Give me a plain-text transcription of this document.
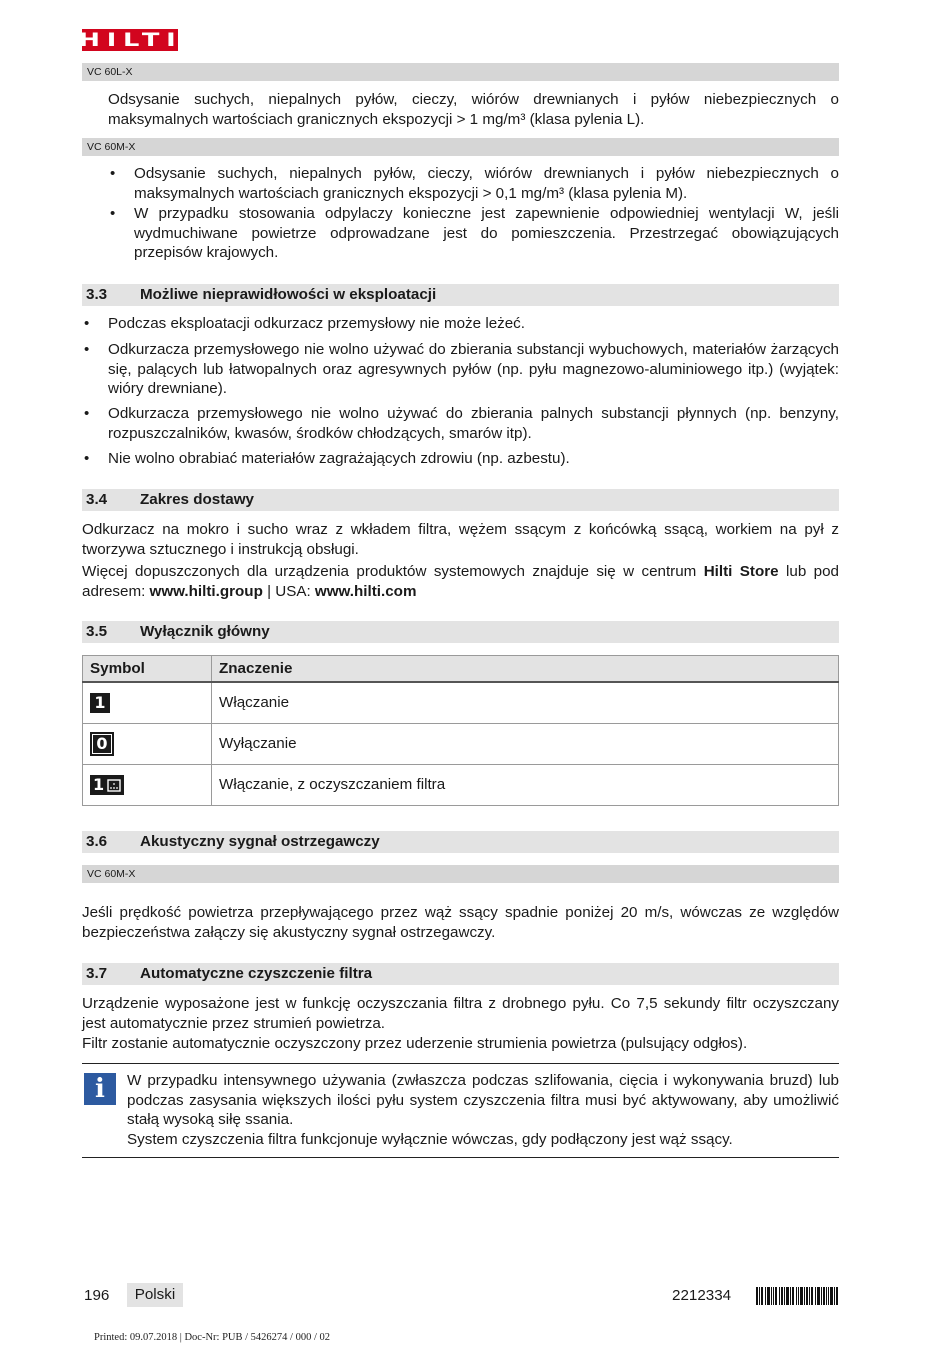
HILTI
VC 60L-X
Odsysanie suchych, niepalnych pyłów, cieczy, wiórów drewnianych i pyłów niebezpiecznych o maksymalnych wartościach granicznych ekspozycji > 1 mg/m³ (klasa pylenia L).
VC 60M-X
• Odsysanie suchych, niepalnych pyłów, cieczy, wiórów drewnianych i pyłów niebezpiecznych o maksymalnych wartościach granicznych ekspozycji > 0,1 mg/m³ (klasa pylenia M).
• W przypadku stosowania odpylaczy konieczne jest zapewnienie odpowiedniej wentylacji W, jeśli wydmuchiwane powietrze odprowadzane jest do pomieszczenia. Przestrzegać obowiązujących przepisów krajowych.
3.3 Możliwe nieprawidłowości w eksploatacji
• Podczas eksploatacji odkurzacz przemysłowy nie może leżeć.
• Odkurzacza przemysłowego nie wolno używać do zbierania substancji wybuchowych, materiałów żarzących się, palących lub łatwopalnych oraz agresywnych pyłów (np. pyłu magnezowo-aluminiowego itp.) (wyjątek: wióry drewniane).
• Odkurzacza przemysłowego nie wolno używać do zbierania palnych substancji płynnych (np. benzyny, rozpuszczalników, kwasów, środków chłodzących, smarów itp).
• Nie wolno obrabiać materiałów zagrażających zdrowiu (np. azbestu).
3.4 Zakres dostawy
Odkurzacz na mokro i sucho wraz z wkładem filtra, wężem ssącym z końcówką ssącą, workiem na pył z tworzywa sztucznego i instrukcją obsługi.
Więcej dopuszczonych dla urządzenia produktów systemowych znajduje się w centrum Hilti Store lub pod adresem: www.hilti.group | USA: www.hilti.com
3.5 Wyłącznik główny
Symbol	Znaczenie
1	Włączanie
0	Wyłączanie
1	Włączanie, z oczyszczaniem filtra
3.6 Akustyczny sygnał ostrzegawczy
VC 60M-X
Jeśli prędkość powietrza przepływającego przez wąż ssący spadnie poniżej 20 m/s, wówczas ze względów bezpieczeństwa załączy się akustyczny sygnał ostrzegawczy.
3.7 Automatyczne czyszczenie filtra
Urządzenie wyposażone jest w funkcję oczyszczania filtra z drobnego pyłu. Co 7,5 sekundy filtr oczyszczany jest automatycznie przez strumień powietrza.
Filtr zostanie automatycznie oczyszczony przez uderzenie strumienia powietrza (pulsujący odgłos).
i	W przypadku intensywnego używania (zwłaszcza podczas szlifowania, cięcia i wykonywania bruzd) lub podczas zasysania większych ilości pyłu system czyszczenia filtra musi być aktywowany, aby umożliwić stałą wysoką siłę ssania.
System czyszczenia filtra funkcjonuje wyłącznie wówczas, gdy podłączony jest wąż ssący.
196	Polski	2212334
Printed: 09.07.2018 | Doc-Nr: PUB / 5426274 / 000 / 02
